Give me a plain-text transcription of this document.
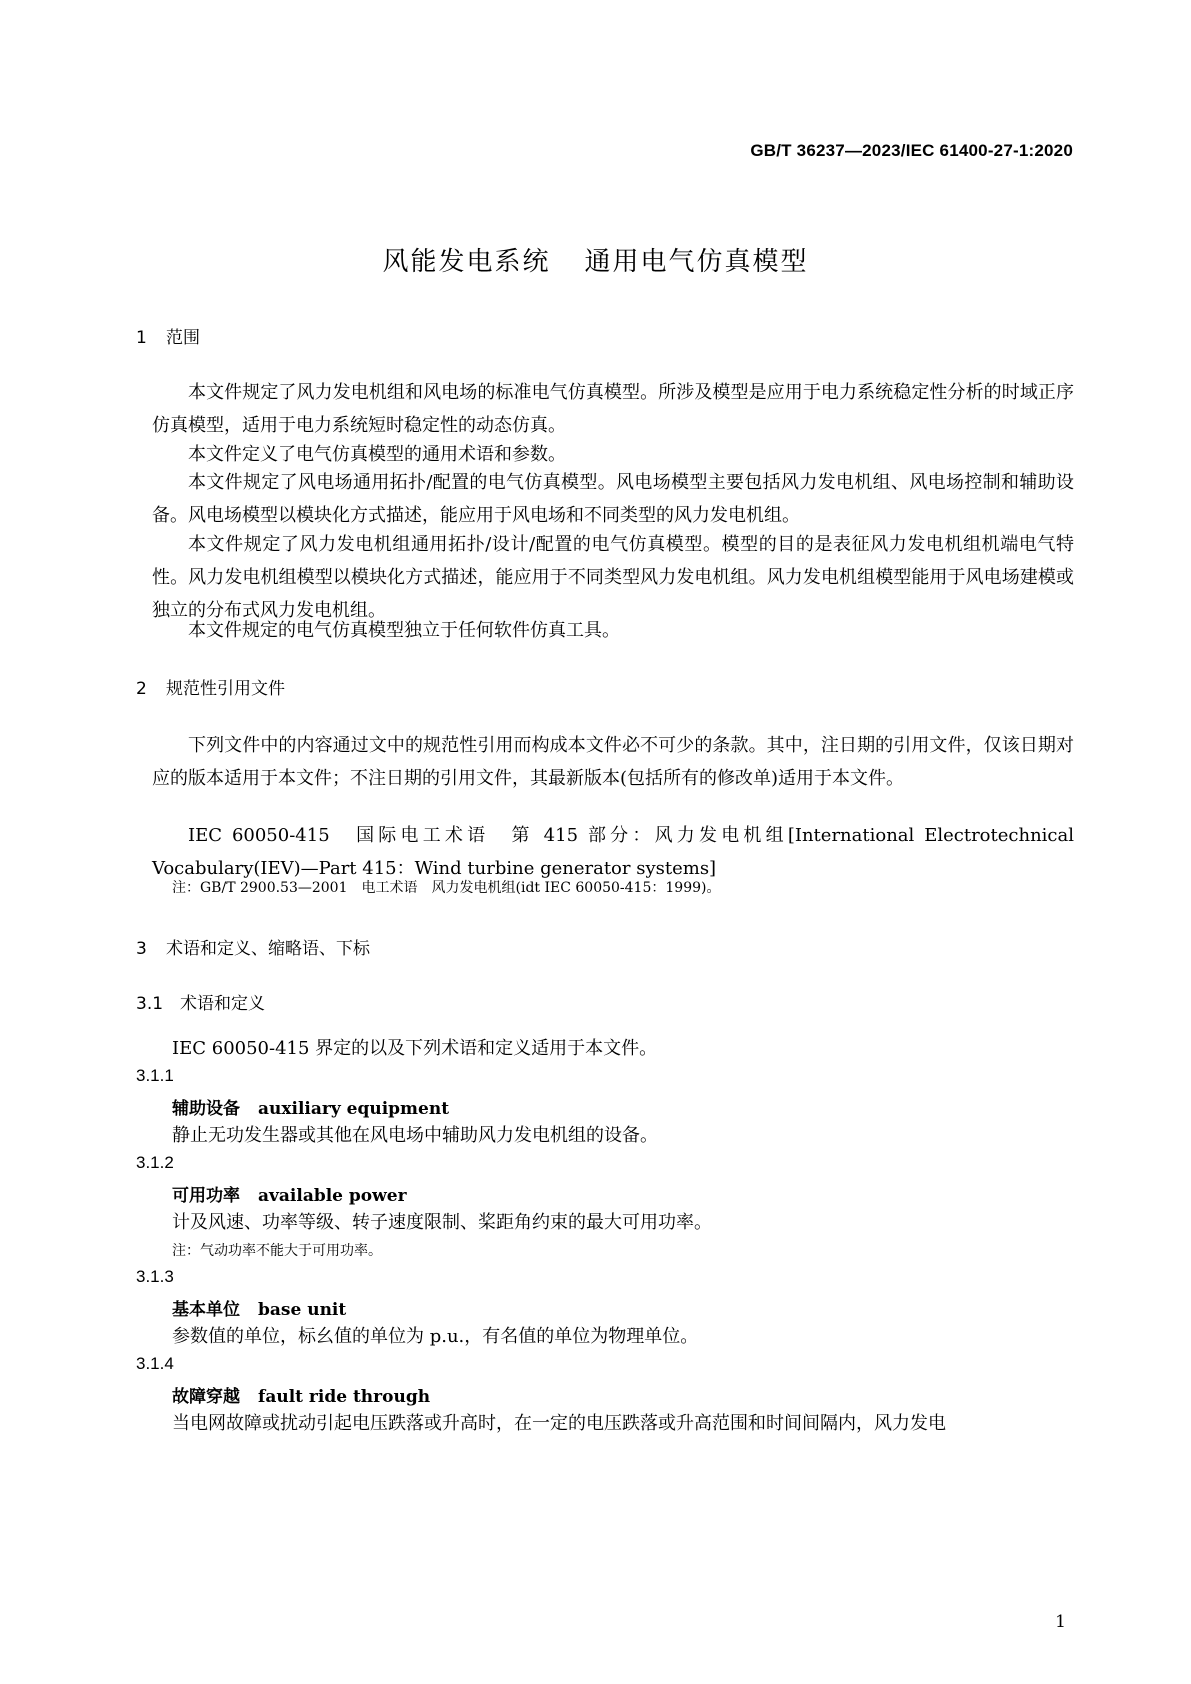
GB/T 36237—2023/IEC 61400-27-1:2020
风能发电系统 通用电气仿真模型
1 范围
本文件规定了风力发电机组和风电场的标准电气仿真模型。所涉及模型是应用于电力系统稳定性分析的时域正序仿真模型，适用于电力系统短时稳定性的动态仿真。
本文件定义了电气仿真模型的通用术语和参数。
本文件规定了风电场通用拓扑/配置的电气仿真模型。风电场模型主要包括风力发电机组、风电场控制和辅助设备。风电场模型以模块化方式描述，能应用于风电场和不同类型的风力发电机组。
本文件规定了风力发电机组通用拓扑/设计/配置的电气仿真模型。模型的目的是表征风力发电机组机端电气特性。风力发电机组模型以模块化方式描述，能应用于不同类型风力发电机组。风力发电机组模型能用于风电场建模或独立的分布式风力发电机组。
本文件规定的电气仿真模型独立于任何软件仿真工具。
2 规范性引用文件
下列文件中的内容通过文中的规范性引用而构成本文件必不可少的条款。其中，注日期的引用文件，仅该日期对应的版本适用于本文件；不注日期的引用文件，其最新版本(包括所有的修改单)适用于本文件。
IEC 60050-415　国际电工术语　第 415 部分：风力发电机组[International Electrotechnical Vocabulary(IEV)—Part 415：Wind turbine generator systems]
注：GB/T 2900.53—2001　电工术语　风力发电机组(idt IEC 60050-415：1999)。
3 术语和定义、缩略语、下标
3.1 术语和定义
IEC 60050-415 界定的以及下列术语和定义适用于本文件。
3.1.1
辅助设备 auxiliary equipment
静止无功发生器或其他在风电场中辅助风力发电机组的设备。
3.1.2
可用功率 available power
计及风速、功率等级、转子速度限制、桨距角约束的最大可用功率。
注：气动功率不能大于可用功率。
3.1.3
基本单位 base unit
参数值的单位，标幺值的单位为 p.u.，有名值的单位为物理单位。
3.1.4
故障穿越 fault ride through
当电网故障或扰动引起电压跌落或升高时，在一定的电压跌落或升高范围和时间间隔内，风力发电
1
